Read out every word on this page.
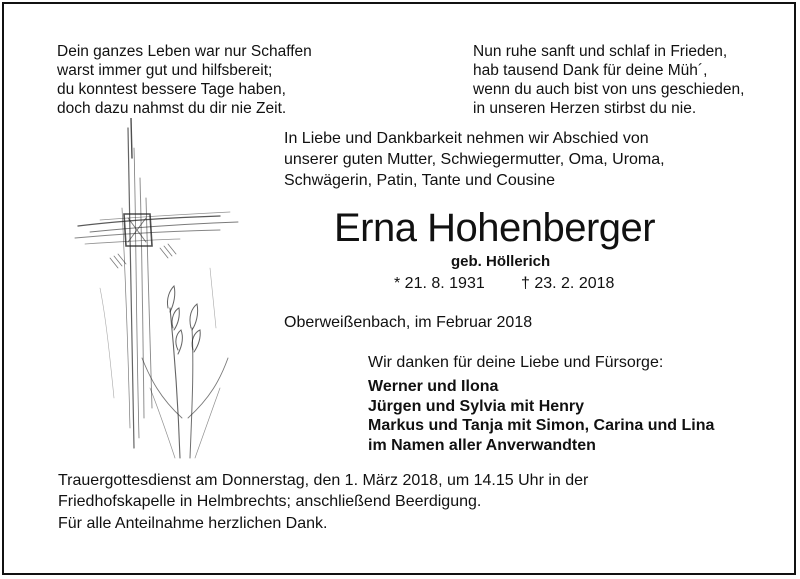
Dein ganzes Leben war nur Schaffen
warst immer gut und hilfsbereit;
du konntest bessere Tage haben,
doch dazu nahmst du dir nie Zeit.
Nun ruhe sanft und schlaf in Frieden,
hab tausend Dank für deine Müh´,
wenn du auch bist von uns geschieden,
in unseren Herzen stirbst du nie.
In Liebe und Dankbarkeit nehmen wir Abschied von
unserer guten Mutter, Schwiegermutter, Oma, Uroma,
Schwägerin, Patin, Tante und Cousine
Erna Hohenberger
geb. Höllerich
* 21. 8. 1931 † 23. 2. 2018
Oberweißenbach, im Februar 2018
Wir danken für deine Liebe und Fürsorge:
Werner und Ilona
Jürgen und Sylvia mit Henry
Markus und Tanja mit Simon, Carina und Lina
im Namen aller Anverwandten
Trauergottesdienst am Donnerstag, den 1. März 2018, um 14.15 Uhr in der
Friedhofskapelle in Helmbrechts; anschließend Beerdigung.
Für alle Anteilnahme herzlichen Dank.
